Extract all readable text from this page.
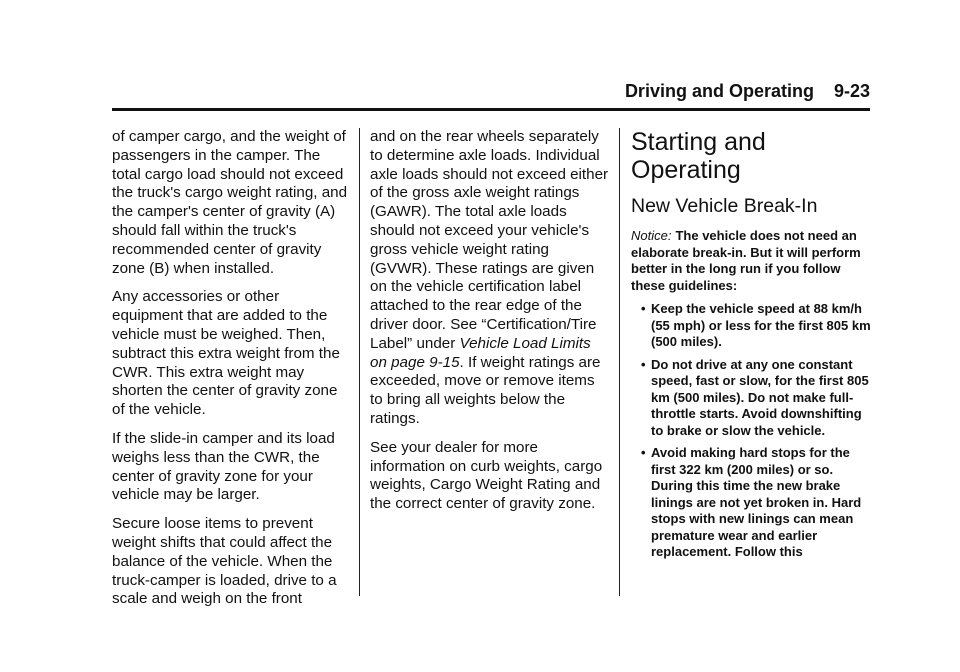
Driving and Operating 9-23

of camper cargo, and the weight of passengers in the camper. The total cargo load should not exceed the truck's cargo weight rating, and the camper's center of gravity (A) should fall within the truck's recommended center of gravity zone (B) when installed.

Any accessories or other equipment that are added to the vehicle must be weighed. Then, subtract this extra weight from the CWR. This extra weight may shorten the center of gravity zone of the vehicle.

If the slide-in camper and its load weighs less than the CWR, the center of gravity zone for your vehicle may be larger.

Secure loose items to prevent weight shifts that could affect the balance of the vehicle. When the truck-camper is loaded, drive to a scale and weigh on the front

and on the rear wheels separately to determine axle loads. Individual axle loads should not exceed either of the gross axle weight ratings (GAWR). The total axle loads should not exceed your vehicle's gross vehicle weight rating (GVWR). These ratings are given on the vehicle certification label attached to the rear edge of the driver door. See “Certification/Tire Label” under Vehicle Load Limits on page 9-15. If weight ratings are exceeded, move or remove items to bring all weights below the ratings.

See your dealer for more information on curb weights, cargo weights, Cargo Weight Rating and the correct center of gravity zone.

Starting and Operating
New Vehicle Break-In
Notice: The vehicle does not need an elaborate break-in. But it will perform better in the long run if you follow these guidelines:
• Keep the vehicle speed at 88 km/h (55 mph) or less for the first 805 km (500 miles).
• Do not drive at any one constant speed, fast or slow, for the first 805 km (500 miles). Do not make full-throttle starts. Avoid downshifting to brake or slow the vehicle.
• Avoid making hard stops for the first 322 km (200 miles) or so. During this time the new brake linings are not yet broken in. Hard stops with new linings can mean premature wear and earlier replacement. Follow this
